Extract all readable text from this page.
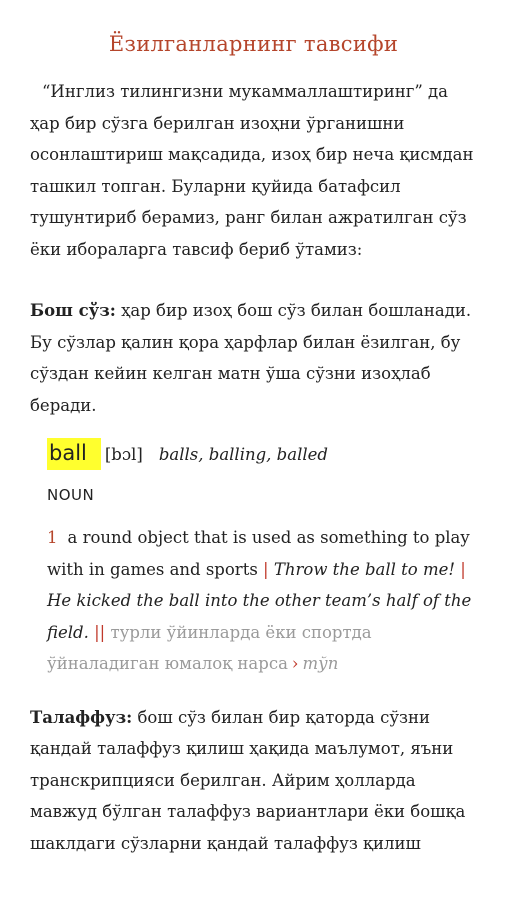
Ёзилганларнинг тавсифи

“Инглиз тилингизни мукаммаллаштиринг” да ҳар бир сўзга берилган изоҳни ўрганишни осонлаштириш мақсадида, изоҳ бир неча қисмдан ташкил топган. Буларни қуйида батафсил тушунтириб берамиз, ранг билан ажратилган сўз ёки ибораларга тавсиф бериб ўтамиз:

Бош сўз: ҳар бир изоҳ бош сўз билан бошланади. Бу сўзлар қалин қора ҳарфлар билан ёзилган, бу сўздан кейин келган матн ўша сўзни изоҳлаб беради.

ball	[bɔl] balls, balling, balled
NOUN
1 a round object that is used as something to play with in games and sports | Throw the ball to me! | He kicked the ball into the other team’s half of the field. || турли ўйинларда ёки спортда ўйналадиган юмалоқ нарса › тўп

Талаффуз: бош сўз билан бир қаторда сўзни қандай талаффуз қилиш ҳақида маълумот, яъни транскрипцияси берилган. Айрим ҳолларда мавжуд бўлган талаффуз вариантлари ёки бошқа шаклдаги сўзларни қандай талаффуз қилиш
